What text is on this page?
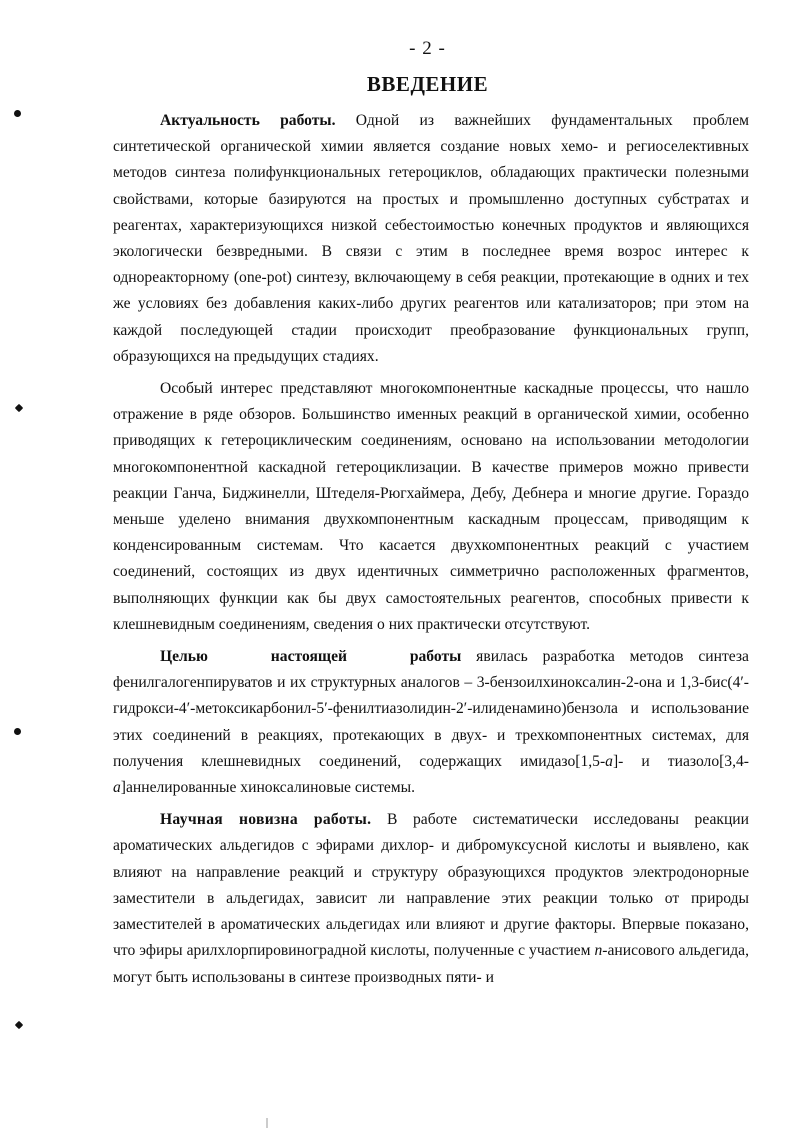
- 2 -
ВВЕДЕНИЕ

Актуальность работы. Одной из важнейших фундаментальных проблем синтетической органической химии является создание новых хемо- и региоселективных методов синтеза полифункциональных гетероциклов, обладающих практически полезными свойствами, которые базируются на простых и промышленно доступных субстратах и реагентах, характеризующихся низкой себестоимостью конечных продуктов и являющихся экологически безвредными. В связи с этим в последнее время возрос интерес к однореакторному (one-pot) синтезу, включающему в себя реакции, протекающие в одних и тех же условиях без добавления каких-либо других реагентов или катализаторов; при этом на каждой последующей стадии происходит преобразование функциональных групп, образующихся на предыдущих стадиях.

Особый интерес представляют многокомпонентные каскадные процессы, что нашло отражение в ряде обзоров. Большинство именных реакций в органической химии, особенно приводящих к гетероциклическим соединениям, основано на использовании методологии многокомпонентной каскадной гетероциклизации. В качестве примеров можно привести реакции Ганча, Биджинелли, Штеделя-Рюгхаймера, Дебу, Дебнера и многие другие. Гораздо меньше уделено внимания двухкомпонентным каскадным процессам, приводящим к конденсированным системам. Что касается двухкомпонентных реакций с участием соединений, состоящих из двух идентичных симметрично расположенных фрагментов, выполняющих функции как бы двух самостоятельных реагентов, способных привести к клешневидным соединениям, сведения о них практически отсутствуют.

Целью настоящей работы явилась разработка методов синтеза фенилгалогенпируватов и их структурных аналогов – 3-бензоилхиноксалин-2-она и 1,3-бис(4′-гидрокси-4′-метоксикарбонил-5′-фенилтиазолидин-2′-илиденамино)бензола и использование этих соединений в реакциях, протекающих в двух- и трехкомпонентных системах, для получения клешневидных соединений, содержащих имидазо[1,5-a]- и тиазоло[3,4-a]аннелированные хиноксалиновые системы.

Научная новизна работы. В работе систематически исследованы реакции ароматических альдегидов с эфирами дихлор- и дибромуксусной кислоты и выявлено, как влияют на направление реакций и структуру образующихся продуктов электродонорные заместители в альдегидах, зависит ли направление этих реакции только от природы заместителей в ароматических альдегидах или влияют и другие факторы. Впервые показано, что эфиры арилхлорпировиноградной кислоты, полученные с участием п-анисового альдегида, могут быть использованы в синтезе производных пяти- и
